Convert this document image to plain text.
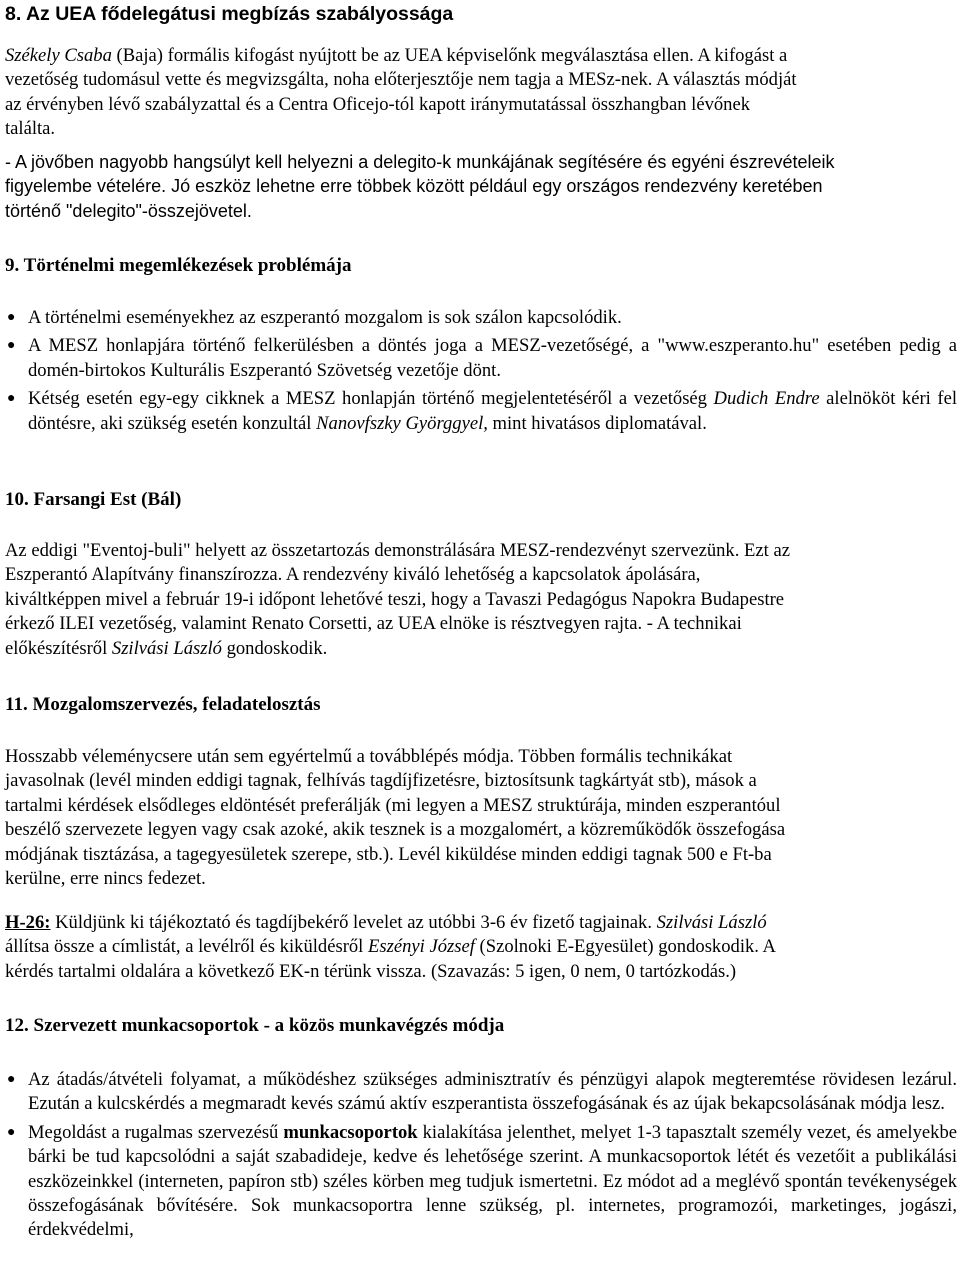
8. Az UEA fődelegátusi megbízás szabályossága

Székely Csaba (Baja) formális kifogást nyújtott be az UEA képviselőnk megválasztása ellen. A kifogást a
vezetőség tudomásul vette és megvizsgálta, noha előterjesztője nem tagja a MESz-nek. A választás módját
az érvényben lévő szabályzattal és a Centra Oficejo-tól kapott iránymutatással összhangban lévőnek
találta.

- A jövőben nagyobb hangsúlyt kell helyezni a delegito-k munkájának segítésére és egyéni észrevételeik
figyelembe vételére. Jó eszköz lehetne erre többek között például egy országos rendezvény keretében
történő "delegito"-összejövetel.

9. Történelmi megemlékezések problémája
● A történelmi eseményekhez az eszperantó mozgalom is sok szálon kapcsolódik.
● A MESZ honlapjára történő felkerülésben a döntés joga a MESZ-vezetőségé, a "www.eszperanto.hu" esetében pedig a domén-birtokos Kulturális Eszperantó Szövetség vezetője dönt.
● Kétség esetén egy-egy cikknek a MESZ honlapján történő megjelentetéséről a vezetőség Dudich Endre alelnököt kéri fel döntésre, aki szükség esetén konzultál Nanovfszky Györggyel, mint hivatásos diplomatával.
10. Farsangi Est (Bál)

Az eddigi "Eventoj-buli" helyett az összetartozás demonstrálására MESZ-rendezvényt szervezünk. Ezt az
Eszperantó Alapítvány finanszírozza. A rendezvény kiváló lehetőség a kapcsolatok ápolására,
kiváltképpen mivel a február 19-i időpont lehetővé teszi, hogy a Tavaszi Pedagógus Napokra Budapestre
érkező ILEI vezetőség, valamint Renato Corsetti, az UEA elnöke is résztvegyen rajta. - A technikai
előkészítésről Szilvási László gondoskodik.

11. Mozgalomszervezés, feladatelosztás

Hosszabb véleménycsere után sem egyértelmű a továbblépés módja. Többen formális technikákat
javasolnak (levél minden eddigi tagnak, felhívás tagdíjfizetésre, biztosítsunk tagkártyát stb), mások a
tartalmi kérdések elsődleges eldöntését preferálják (mi legyen a MESZ struktúrája, minden eszperantóul
beszélő szervezete legyen vagy csak azoké, akik tesznek is a mozgalomért, a közreműködők összefogása
módjának tisztázása, a tagegyesületek szerepe, stb.). Levél kiküldése minden eddigi tagnak 500 e Ft-ba
kerülne, erre nincs fedezet.

H-26: Küldjünk ki tájékoztató és tagdíjbekérő levelet az utóbbi 3-6 év fizető tagjainak. Szilvási László
állítsa össze a címlistát, a levélről és kiküldésről Eszényi József (Szolnoki E-Egyesület) gondoskodik. A
kérdés tartalmi oldalára a következő EK-n térünk vissza. (Szavazás: 5 igen, 0 nem, 0 tartózkodás.)

12. Szervezett munkacsoportok - a közös munkavégzés módja
● Az átadás/átvételi folyamat, a működéshez szükséges adminisztratív és pénzügyi alapok megteremtése rövidesen lezárul. Ezután a kulcskérdés a megmaradt kevés számú aktív eszperantista összefogásának és az újak bekapcsolásának módja lesz.
● Megoldást a rugalmas szervezésű munkacsoportok kialakítása jelenthet, melyet 1-3 tapasztalt személy vezet, és amelyekbe bárki be tud kapcsolódni a saját szabadideje, kedve és lehetősége szerint. A munkacsoportok létét és vezetőit a publikálási eszközeinkkel (interneten, papíron stb) széles körben meg tudjuk ismertetni. Ez módot ad a meglévő spontán tevékenységek összefogásának bővítésére. Sok munkacsoportra lenne szükség, pl. internetes, programozói, marketinges, jogászi, érdekvédelmi,
